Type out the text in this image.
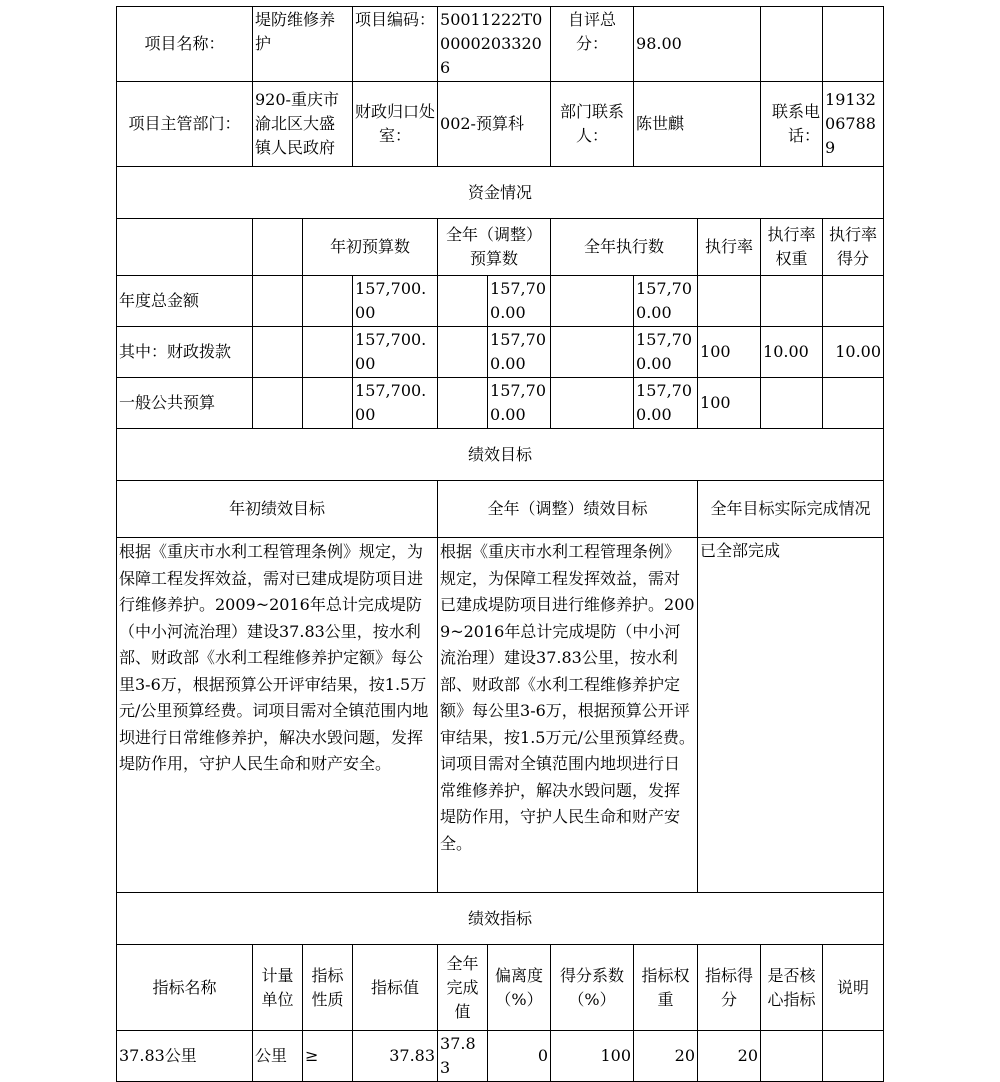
项目名称：	堤防维修养护		项目编码：	50011222T000002033206		自评总分：	98.00			
项目主管部门：	920-重庆市渝北区大盛镇人民政府		财政归口处室：	002-预算科		部门联系人：	陈世麒		联系电话：	19132067889
资金情况										
		年初预算数		全年（调整）预算数		全年执行数		执行率	执行率权重	执行率得分
年度总金额			157,700.00		157,700.00		157,700.00			
其中：财政拨款			157,700.00		157,700.00		157,700.00	100	10.00	10.00
一般公共预算			157,700.00		157,700.00		157,700.00	100		
绩效目标										
年初绩效目标				全年（调整）绩效目标				全年目标实际完成情况		
根据《重庆市水利工程管理条例》规定，为保障工程发挥效益，需对已建成堤防项目进行维修养护。2009~2016年总计完成堤防（中小河流治理）建设37.83公里，按水利部、财政部《水利工程维修养护定额》每公里3-6万，根据预算公开评审结果，按1.5万元/公里预算经费。词项目需对全镇范围内地坝进行日常维修养护，解决水毁问题，发挥堤防作用，守护人民生命和财产安全。				根据《重庆市水利工程管理条例》规定，为保障工程发挥效益，需对已建成堤防项目进行维修养护。2009~2016年总计完成堤防（中小河流治理）建设37.83公里，按水利部、财政部《水利工程维修养护定额》每公里3-6万，根据预算公开评审结果，按1.5万元/公里预算经费。词项目需对全镇范围内地坝进行日常维修养护，解决水毁问题，发挥堤防作用，守护人民生命和财产安全。				已全部完成		
绩效指标										
指标名称	计量单位	指标性质	指标值	全年完成值	偏离度（%）	得分系数（%）	指标权重	指标得分	是否核心指标	说明
37.83公里	公里	≥	37.83	37.83	0	100	20	20		
